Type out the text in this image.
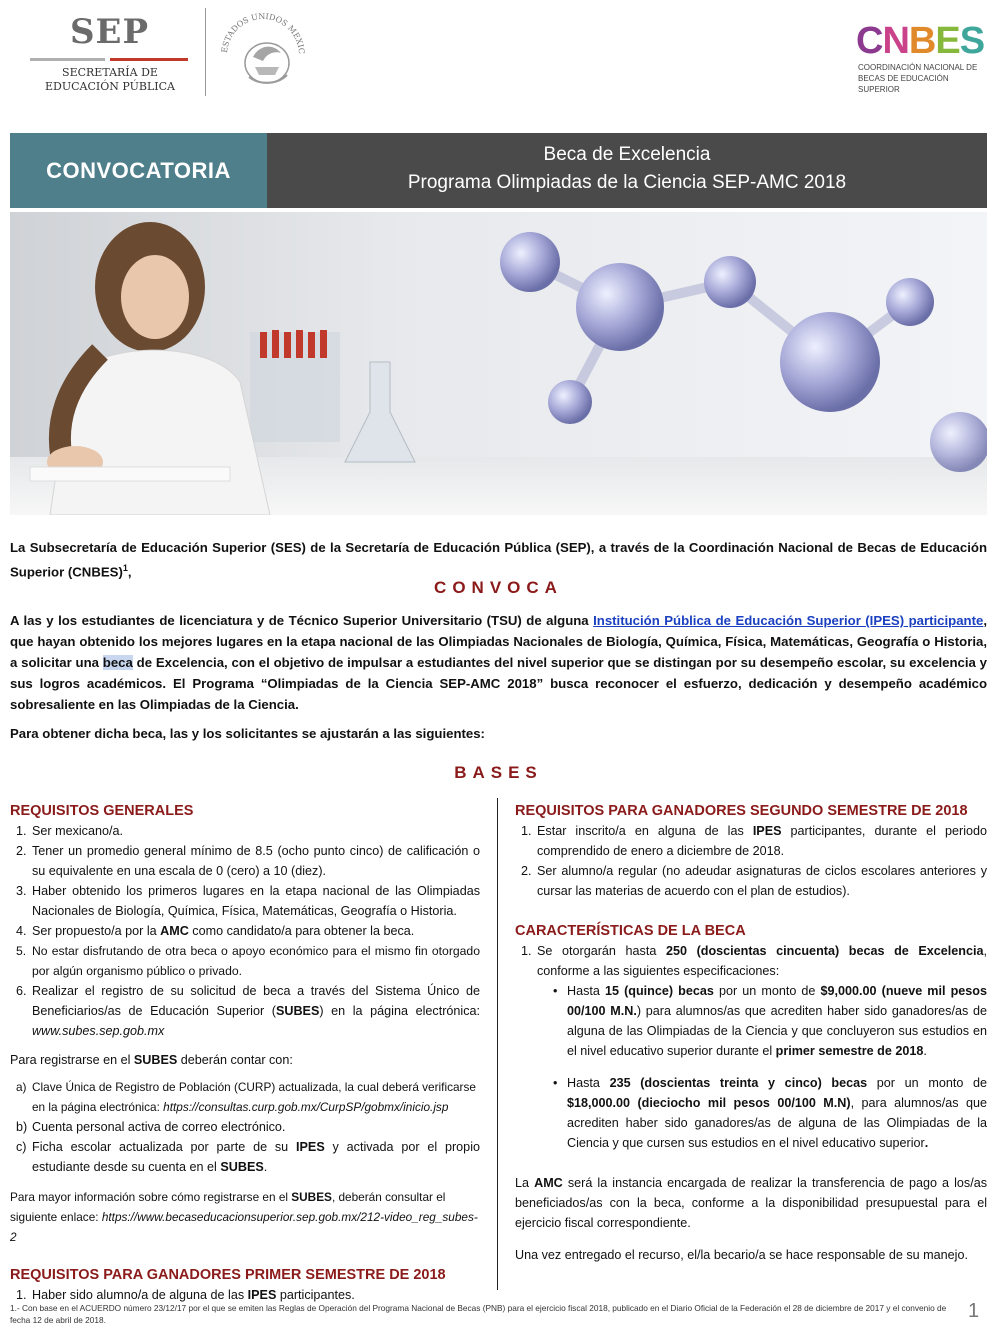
SEP
SECRETARÍA DE
EDUCACIÓN PÚBLICA
ESTADOS UNIDOS MEXIC	CNBES
COORDINACIÓN NACIONAL DE
BECAS DE EDUCACIÓN SUPERIOR
CONVOCATORIA
Beca de Excelencia
Programa Olimpiadas de la Ciencia SEP-AMC 2018
La Subsecretaría de Educación Superior (SES) de la Secretaría de Educación Pública (SEP), a través de la Coordinación Nacional de Becas de Educación Superior (CNBES)$^1$,
CONVOCA
A las y los estudiantes de licenciatura y de Técnico Superior Universitario (TSU) de alguna Institución Pública de Educación Superior (IPES) participante, que hayan obtenido los mejores lugares en la etapa nacional de las Olimpiadas Nacionales de Biología, Química, Física, Matemáticas, Geografía o Historia, a solicitar una beca de Excelencia, con el objetivo de impulsar a estudiantes del nivel superior que se distingan por su desempeño escolar, su excelencia y sus logros académicos. El Programa “Olimpiadas de la Ciencia SEP-AMC 2018” busca reconocer el esfuerzo, dedicación y desempeño académico sobresaliente en las Olimpiadas de la Ciencia.
Para obtener dicha beca, las y los solicitantes se ajustarán a las siguientes:
BASES
REQUISITOS GENERALES
1. Ser mexicano/a.
2. Tener un promedio general mínimo de 8.5 (ocho punto cinco) de calificación o su equivalente en una escala de 0 (cero) a 10 (diez).
3. Haber obtenido los primeros lugares en la etapa nacional de las Olimpiadas Nacionales de Biología, Química, Física, Matemáticas, Geografía o Historia.
4. Ser propuesto/a por la AMC como candidato/a para obtener la beca.
5. No estar disfrutando de otra beca o apoyo económico para el mismo fin otorgado por algún organismo público o privado.
6. Realizar el registro de su solicitud de beca a través del Sistema Único de Beneficiarios/as de Educación Superior (SUBES) en la página electrónica: www.subes.sep.gob.mx
Para registrarse en el SUBES deberán contar con:
a) Clave Única de Registro de Población (CURP) actualizada, la cual deberá verificarse en la página electrónica: https://consultas.curp.gob.mx/CurpSP/gobmx/inicio.jsp
b) Cuenta personal activa de correo electrónico.
c) Ficha escolar actualizada por parte de su IPES y activada por el propio estudiante desde su cuenta en el SUBES.
Para mayor información sobre cómo registrarse en el SUBES, deberán consultar el siguiente enlace: https://www.becaseducacionsuperior.sep.gob.mx/212-video_reg_subes-2
REQUISITOS PARA GANADORES PRIMER SEMESTRE DE 2018
1. Haber sido alumno/a de alguna de las IPES participantes.
REQUISITOS PARA GANADORES SEGUNDO SEMESTRE DE 2018
1. Estar inscrito/a en alguna de las IPES participantes, durante el periodo comprendido de enero a diciembre de 2018.
2. Ser alumno/a regular (no adeudar asignaturas de ciclos escolares anteriores y cursar las materias de acuerdo con el plan de estudios).
CARACTERÍSTICAS DE LA BECA
1. Se otorgarán hasta 250 (doscientas cincuenta) becas de Excelencia, conforme a las siguientes especificaciones:
• Hasta 15 (quince) becas por un monto de $9,000.00 (nueve mil pesos 00/100 M.N.) para alumnos/as que acrediten haber sido ganadores/as de alguna de las Olimpiadas de la Ciencia y que concluyeron sus estudios en el nivel educativo superior durante el primer semestre de 2018.
• Hasta 235 (doscientas treinta y cinco) becas por un monto de $18,000.00 (dieciocho mil pesos 00/100 M.N), para alumnos/as que acrediten haber sido ganadores/as de alguna de las Olimpiadas de la Ciencia y que cursen sus estudios en el nivel educativo superior.
La AMC será la instancia encargada de realizar la transferencia de pago a los/as beneficiados/as con la beca, conforme a la disponibilidad presupuestal para el ejercicio fiscal correspondiente.
Una vez entregado el recurso, el/la becario/a se hace responsable de su manejo.
1.- Con base en el ACUERDO número 23/12/17 por el que se emiten las Reglas de Operación del Programa Nacional de Becas (PNB) para el ejercicio fiscal 2018, publicado en el Diario Oficial de la Federación el 28 de diciembre de 2017 y el convenio de fecha 12 de abril de 2018.	1
